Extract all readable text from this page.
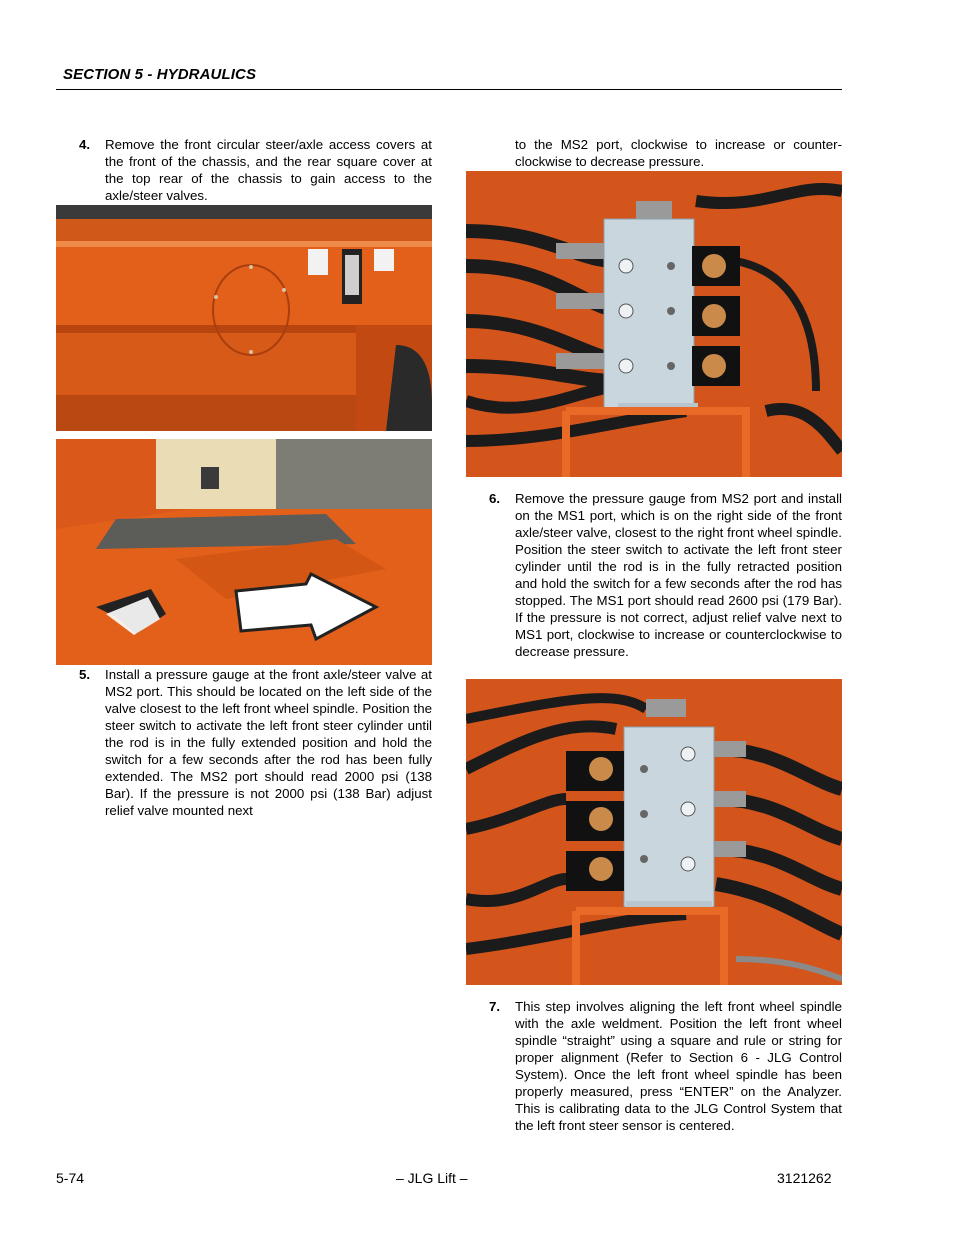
SECTION 5 - HYDRAULICS
4. Remove the front circular steer/axle access covers at the front of the chassis, and the rear square cover at the top rear of the chassis to gain access to the axle/steer valves.
5. Install a pressure gauge at the front axle/steer valve at MS2 port. This should be located on the left side of the valve closest to the left front wheel spindle. Position the steer switch to activate the left front steer cylinder until the rod is in the fully extended position and hold the switch for a few seconds after the rod has been fully extended. The MS2 port should read 2000 psi (138 Bar). If the pressure is not 2000 psi (138 Bar) adjust relief valve mounted next
to the MS2 port, clockwise to increase or counter-clockwise to decrease pressure.
6. Remove the pressure gauge from MS2 port and install on the MS1 port, which is on the right side of the front axle/steer valve, closest to the right front wheel spindle. Position the steer switch to activate the left front steer cylinder until the rod is in the fully retracted position and hold the switch for a few seconds after the rod has stopped. The MS1 port should read 2600 psi (179 Bar). If the pressure is not correct, adjust relief valve next to MS1 port, clockwise to increase or counterclockwise to decrease pressure.
7. This step involves aligning the left front wheel spindle with the axle weldment. Position the left front wheel spindle “straight” using a square and rule or string for proper alignment (Refer to Section 6 - JLG Control System). Once the left front wheel spindle has been properly measured, press “ENTER” on the Analyzer. This is calibrating data to the JLG Control System that the left front steer sensor is centered.
5-74	– JLG Lift –	3121262
